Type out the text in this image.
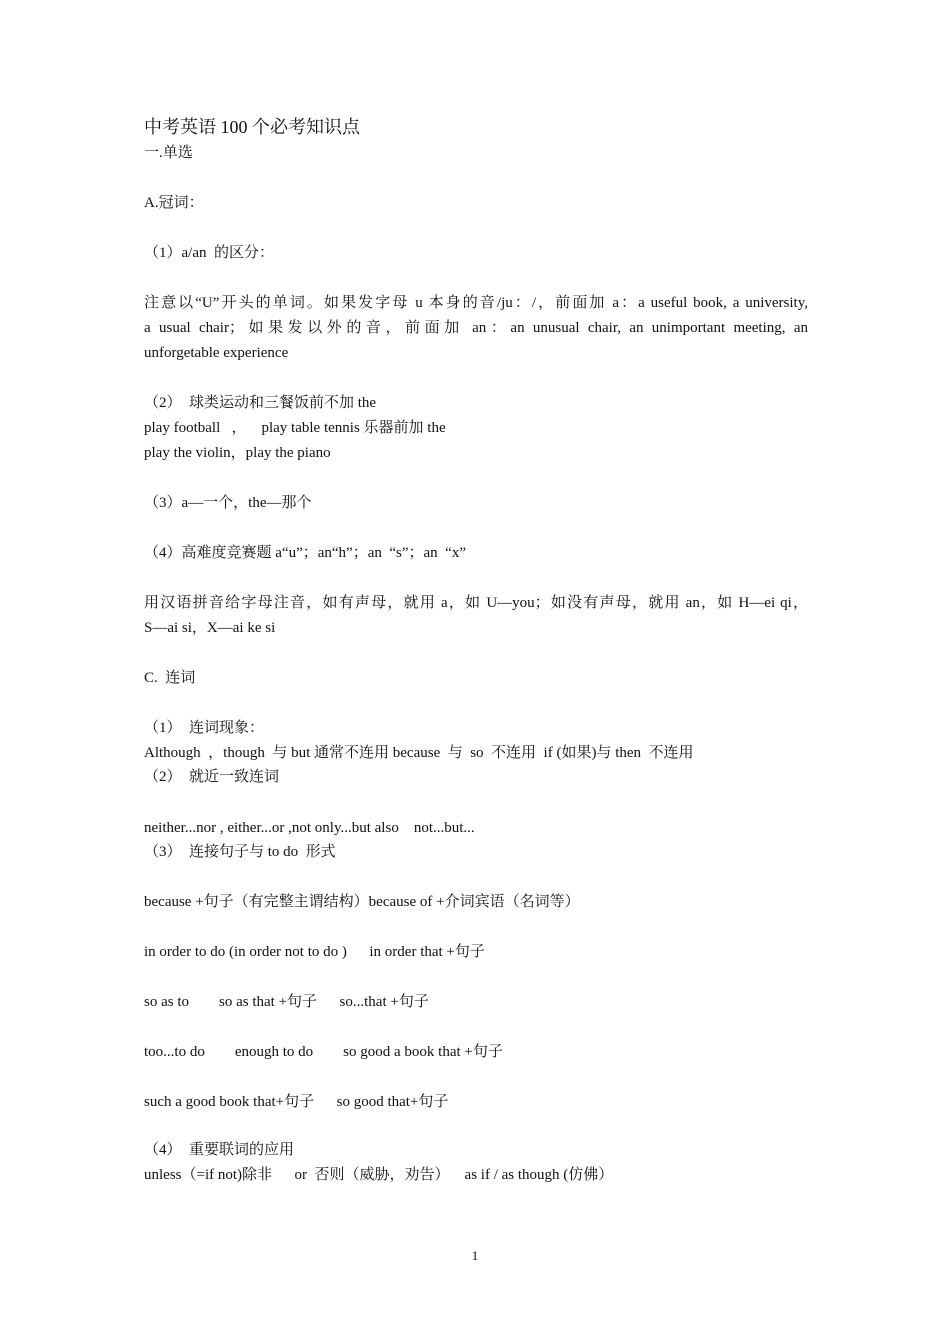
中考英语 100 个必考知识点
一.单选
A.冠词：
（1）a/an  的区分：
注意以“U”开头的单词。如果发字母 u 本身的音/ju：/，前面加 a：a useful book, a university,
a usual chair；如果发以外的音，前面加 an：an unusual chair, an unimportant meeting, an
unforgetable experience
（2）  球类运动和三餐饭前不加 the
play football   ，    play table tennis 乐器前加 the
play the violin，play the piano
（3）a—一个，the—那个
（4）高难度竞赛题 a“u”；an“h”；an  “s”；an  “x”
用汉语拼音给字母注音，如有声母，就用 a，如 U—you；如没有声母，就用 an，如 H—ei qi，
S—ai si，X—ai ke si
C.  连词
（1）  连词现象：
Although  ，though  与 but 通常不连用 because  与  so  不连用  if (如果)与 then  不连用
（2）  就近一致连词
neither...nor , either...or ,not only...but also    not...but...
（3）  连接句子与 to do  形式
because +句子（有完整主谓结构）because of +介词宾语（名词等）
in order to do (in order not to do )      in order that +句子
so as to        so as that +句子      so...that +句子
too...to do        enough to do        so good a book that +句子
such a good book that+句子      so good that+句子
（4）  重要联词的应用
unless（=if not)除非      or  否则（威胁，劝告）    as if / as though (仿佛）
1
